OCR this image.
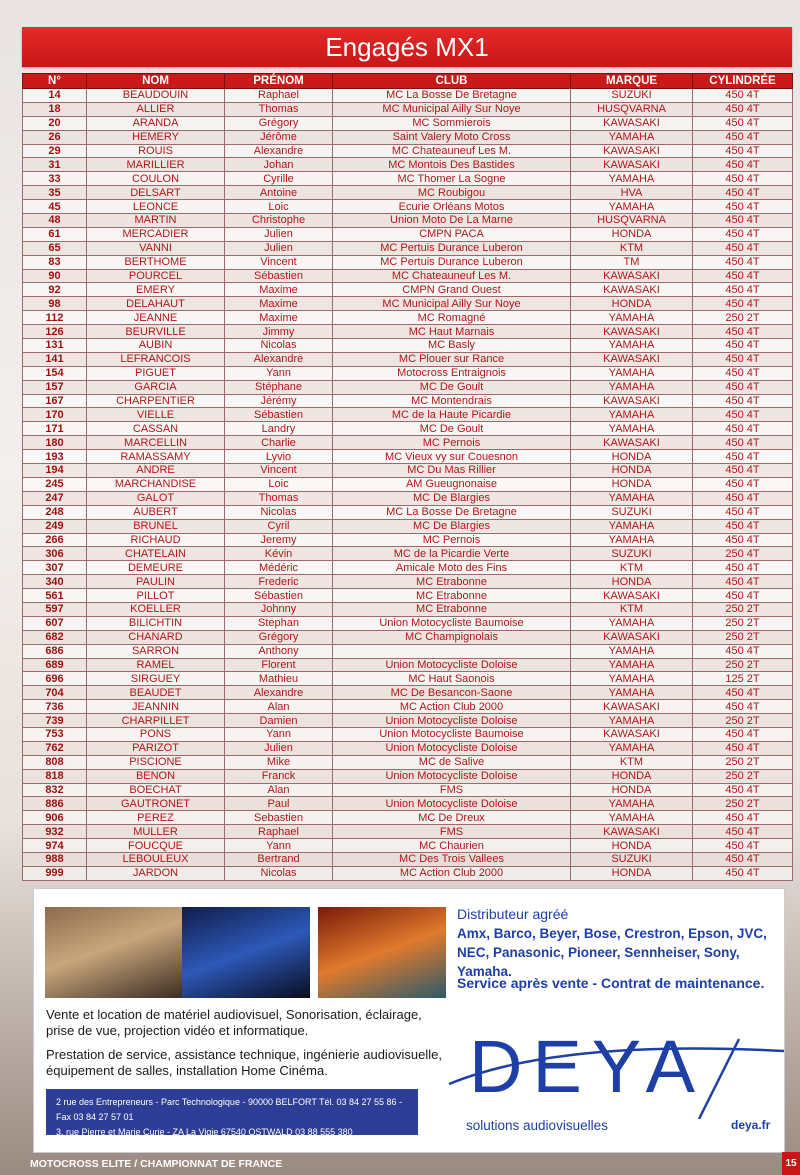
Engagés MX1
N°	NOM	PRÉNOM	CLUB	MARQUE	CYLINDRÉE
14	BEAUDOUIN	Raphael	MC La Bosse De Bretagne	SUZUKI	450 4T
18	ALLIER	Thomas	MC Municipal Ailly Sur Noye	HUSQVARNA	450 4T
20	ARANDA	Grégory	MC Sommierois	KAWASAKI	450 4T
26	HEMERY	Jérôme	Saint Valery Moto Cross	YAMAHA	450 4T
29	ROUIS	Alexandre	MC Chateauneuf Les M.	KAWASAKI	450 4T
31	MARILLIER	Johan	MC Montois Des Bastides	KAWASAKI	450 4T
33	COULON	Cyrille	MC Thomer La Sogne	YAMAHA	450 4T
35	DELSART	Antoine	MC Roubigou	HVA	450 4T
45	LEONCE	Loic	Ecurie Orléans Motos	YAMAHA	450 4T
48	MARTIN	Christophe	Union Moto De La Marne	HUSQVARNA	450 4T
61	MERCADIER	Julien	CMPN PACA	HONDA	450 4T
65	VANNI	Julien	MC Pertuis Durance Luberon	KTM	450 4T
83	BERTHOME	Vincent	MC Pertuis Durance Luberon	TM	450 4T
90	POURCEL	Sébastien	MC Chateauneuf Les M.	KAWASAKI	450 4T
92	EMERY	Maxime	CMPN Grand Ouest	KAWASAKI	450 4T
98	DELAHAUT	Maxime	MC Municipal Ailly Sur Noye	HONDA	450 4T
112	JEANNE	Maxime	MC Romagné	YAMAHA	250 2T
126	BEURVILLE	Jimmy	MC Haut Marnais	KAWASAKI	450 4T
131	AUBIN	Nicolas	MC Basly	YAMAHA	450 4T
141	LEFRANCOIS	Alexandre	MC Plouer sur Rance	KAWASAKI	450 4T
154	PIGUET	Yann	Motocross Entraignois	YAMAHA	450 4T
157	GARCIA	Stéphane	MC De Goult	YAMAHA	450 4T
167	CHARPENTIER	Jérémy	MC Montendrais	KAWASAKI	450 4T
170	VIELLE	Sébastien	MC de la Haute Picardie	YAMAHA	450 4T
171	CASSAN	Landry	MC De Goult	YAMAHA	450 4T
180	MARCELLIN	Charlie	MC Pernois	KAWASAKI	450 4T
193	RAMASSAMY	Lyvio	MC Vieux vy sur Couesnon	HONDA	450 4T
194	ANDRE	Vincent	MC Du Mas Rillier	HONDA	450 4T
245	MARCHANDISE	Loic	AM Gueugnonaise	HONDA	450 4T
247	GALOT	Thomas	MC De Blargies	YAMAHA	450 4T
248	AUBERT	Nicolas	MC La Bosse De Bretagne	SUZUKI	450 4T
249	BRUNEL	Cyril	MC De Blargies	YAMAHA	450 4T
266	RICHAUD	Jeremy	MC Pernois	YAMAHA	450 4T
306	CHATELAIN	Kévin	MC de la Picardie Verte	SUZUKI	250 4T
307	DEMEURE	Médéric	Amicale Moto des Fins	KTM	450 4T
340	PAULIN	Frederic	MC Etrabonne	HONDA	450 4T
561	PILLOT	Sébastien	MC Etrabonne	KAWASAKI	450 4T
597	KOELLER	Johnny	MC Etrabonne	KTM	250 2T
607	BILICHTIN	Stephan	Union Motocycliste Baumoise	YAMAHA	250 2T
682	CHANARD	Grégory	MC Champignolais	KAWASAKI	250 2T
686	SARRON	Anthony		YAMAHA	450 4T
689	RAMEL	Florent	Union Motocycliste Doloise	YAMAHA	250 2T
696	SIRGUEY	Mathieu	MC Haut Saonois	YAMAHA	125 2T
704	BEAUDET	Alexandre	MC De Besancon-Saone	YAMAHA	450 4T
736	JEANNIN	Alan	MC Action Club 2000	KAWASAKI	450 4T
739	CHARPILLET	Damien	Union Motocycliste Doloise	YAMAHA	250 2T
753	PONS	Yann	Union Motocycliste Baumoise	KAWASAKI	450 4T
762	PARIZOT	Julien	Union Motocycliste Doloise	YAMAHA	450 4T
808	PISCIONE	Mike	MC de Salive	KTM	250 2T
818	BENON	Franck	Union Motocycliste Doloise	HONDA	250 2T
832	BOECHAT	Alan	FMS	HONDA	450 4T
886	GAUTRONET	Paul	Union Motocycliste Doloise	YAMAHA	250 2T
906	PEREZ	Sebastien	MC De Dreux	YAMAHA	450 4T
932	MULLER	Raphael	FMS	KAWASAKI	450 4T
974	FOUCQUE	Yann	MC Chaurien	HONDA	450 4T
988	LEBOULEUX	Bertrand	MC Des Trois Vallees	SUZUKI	450 4T
999	JARDON	Nicolas	MC Action Club 2000	HONDA	450 4T
Distributeur agréé
Amx, Barco, Beyer, Bose, Crestron, Epson, JVC, NEC, Panasonic, Pioneer, Sennheiser, Sony, Yamaha.
Service après vente - Contrat de maintenance.

Vente et location de matériel audiovisuel, Sonorisation, éclairage, prise de vue, projection vidéo et informatique.

Prestation de service, assistance technique, ingénierie audiovisuelle, équipement de salles, installation Home Cinéma.

2 rue des Entrepreneurs - Parc Technologique - 90000 BELFORT Tél. 03 84 27 55 86 - Fax 03 84 27 57 01
3, rue Pierre et Marie Curie - ZA La Vigie 67540 OSTWALD 03 88 555 380
DEYA
solutions audiovisuelles	deya.fr
MOTOCROSS ELITE / CHAMPIONNAT DE FRANCE	15
